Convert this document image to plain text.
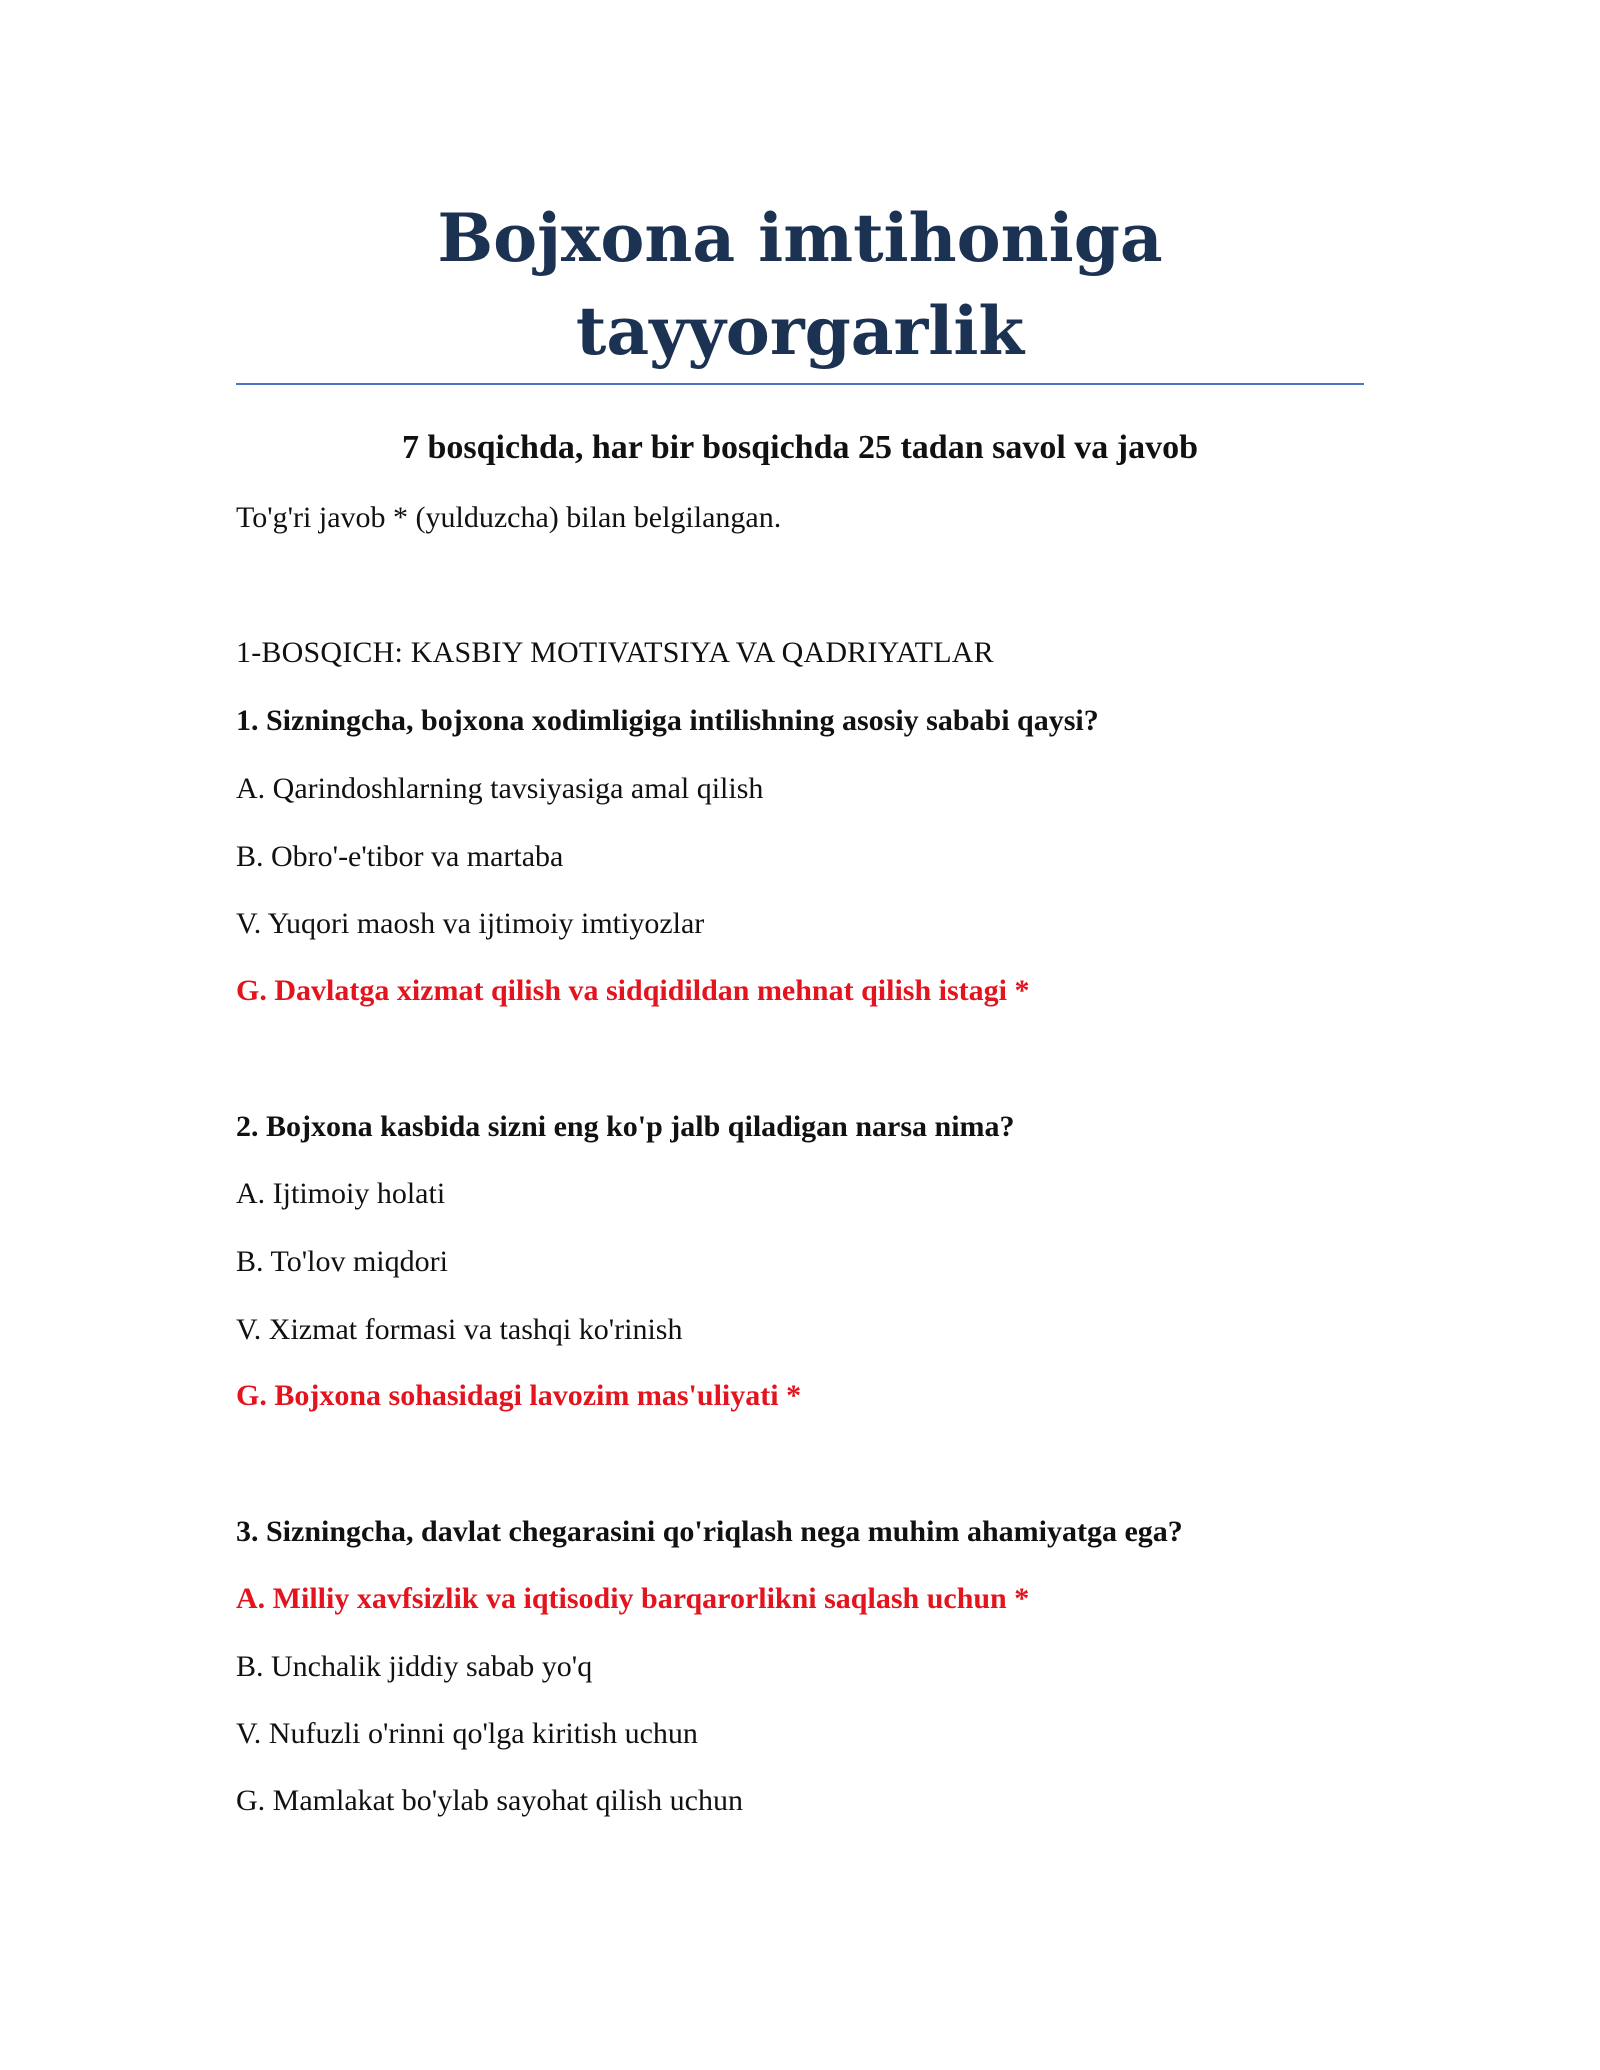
Bojxona imtihoniga
tayyorgarlik

7 bosqichda, har bir bosqichda 25 tadan savol va javob

To'g'ri javob * (yulduzcha) bilan belgilangan.

1-BOSQICH: KASBIY MOTIVATSIYA VA QADRIYATLAR

1. Sizningcha, bojxona xodimligiga intilishning asosiy sababi qaysi?

A. Qarindoshlarning tavsiyasiga amal qilish

B. Obro'-e'tibor va martaba

V. Yuqori maosh va ijtimoiy imtiyozlar

G. Davlatga xizmat qilish va sidqidildan mehnat qilish istagi *

2. Bojxona kasbida sizni eng ko'p jalb qiladigan narsa nima?

A. Ijtimoiy holati

B. To'lov miqdori

V. Xizmat formasi va tashqi ko'rinish

G. Bojxona sohasidagi lavozim mas'uliyati *

3. Sizningcha, davlat chegarasini qo'riqlash nega muhim ahamiyatga ega?

A. Milliy xavfsizlik va iqtisodiy barqarorlikni saqlash uchun *

B. Unchalik jiddiy sabab yo'q

V. Nufuzli o'rinni qo'lga kiritish uchun

G. Mamlakat bo'ylab sayohat qilish uchun
